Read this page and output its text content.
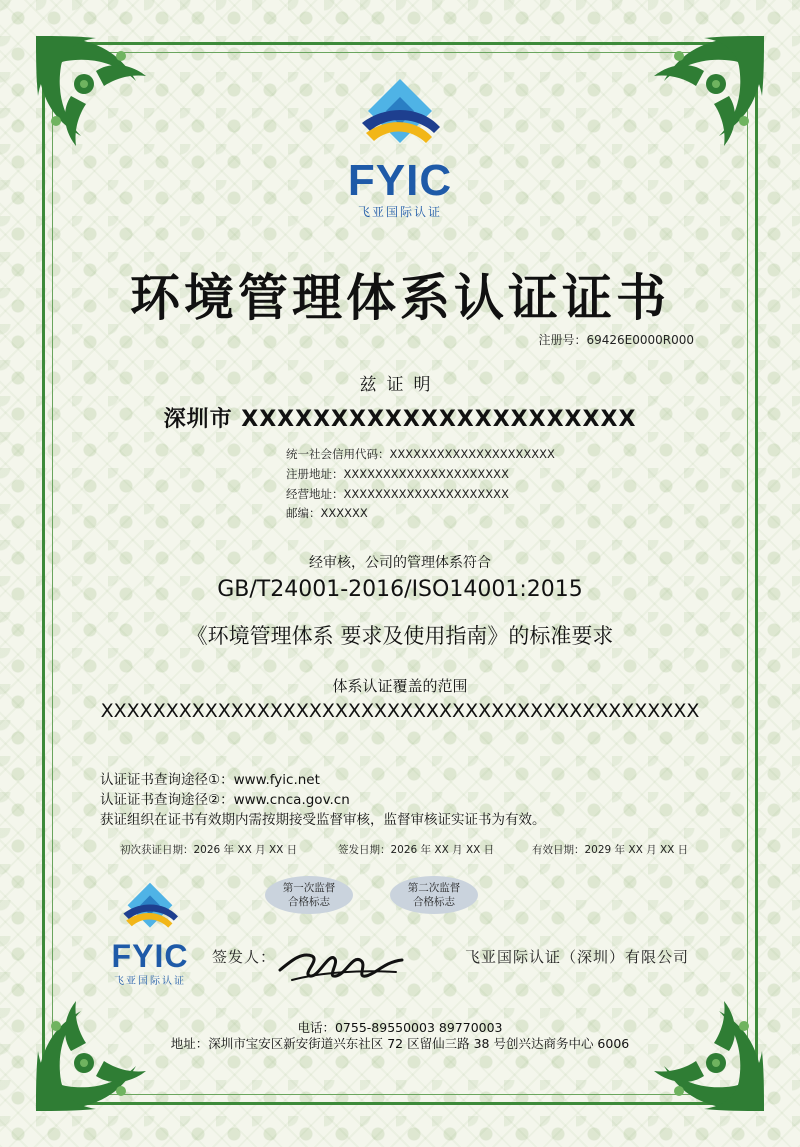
FYIC
飞亚国际认证
环境管理体系认证证书
注册号：69426E0000R000
兹证明
深圳市 XXXXXXXXXXXXXXXXXXXXXX
统一社会信用代码：XXXXXXXXXXXXXXXXXXXXX
注册地址：XXXXXXXXXXXXXXXXXXXXX
经营地址：XXXXXXXXXXXXXXXXXXXXX
邮编：XXXXXX
经审核，公司的管理体系符合
GB/T24001-2016/ISO14001:2015
《环境管理体系 要求及使用指南》的标准要求
体系认证覆盖的范围
XXXXXXXXXXXXXXXXXXXXXXXXXXXXXXXXXXXXXXXXXXXXXX
认证证书查询途径①：www.fyic.net
认证证书查询途径②：www.cnca.gov.cn
获证组织在证书有效期内需按期接受监督审核，监督审核证实证书为有效。
初次获证日期：2026 年 XX 月 XX 日	签发日期：2026 年 XX 月 XX 日	有效日期：2029 年 XX 月 XX 日
第一次监督
合格标志
第二次监督
合格标志
FYIC
飞亚国际认证
签发人：	飞亚国际认证（深圳）有限公司
电话：0755-89550003 89770003
地址：深圳市宝安区新安街道兴东社区 72 区留仙三路 38 号创兴达商务中心 6006
